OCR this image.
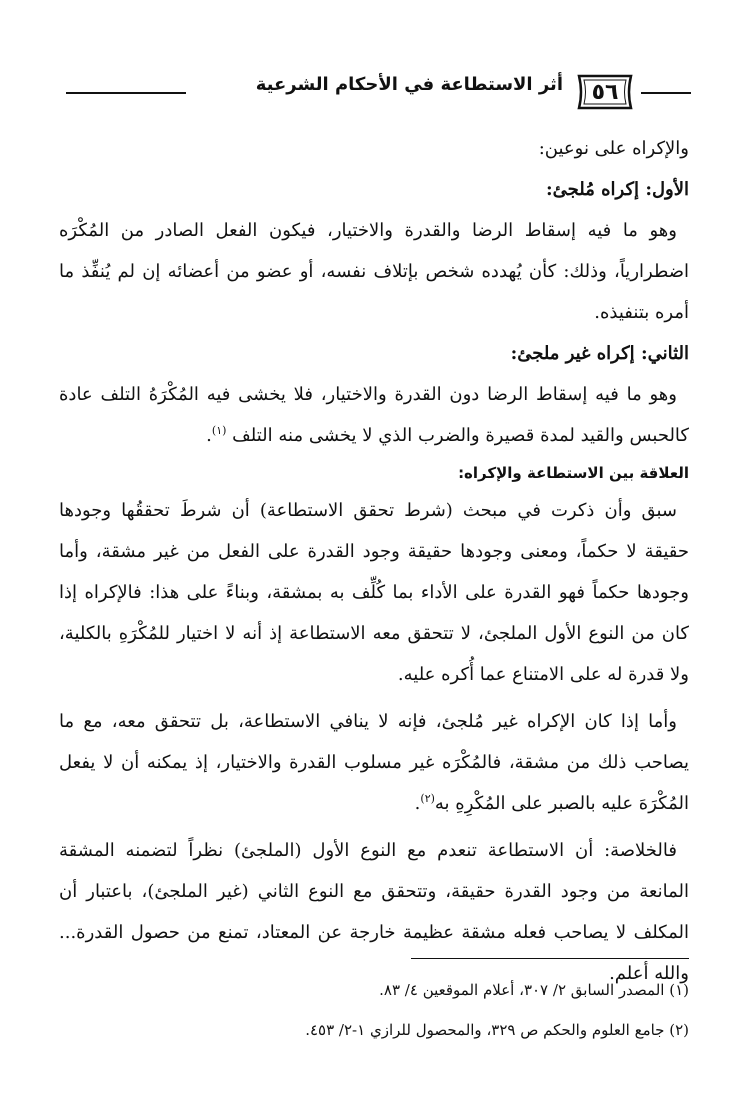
٥٦
أثر الاستطاعة في الأحكام الشرعية

والإكراه على نوعين:

الأول: إكراه مُلجئ:

وهو ما فيه إسقاط الرضا والقدرة والاختيار، فيكون الفعل الصادر من المُكْرَه اضطرارياً، وذلك: كأن يُهدده شخص بإتلاف نفسه، أو عضو من أعضائه إن لم يُنفِّذ ما أمره بتنفيذه.

الثاني: إكراه غير ملجئ:

وهو ما فيه إسقاط الرضا دون القدرة والاختيار، فلا يخشى فيه المُكْرَهُ التلف عادة كالحبس والقيد لمدة قصيرة والضرب الذي لا يخشى منه التلف $^{(١)}$.

العلاقة بين الاستطاعة والإكراه:

سبق وأن ذكرت في مبحث (شرط تحقق الاستطاعة) أن شرطَ تحققُها وجودها حقيقة لا حكماً، ومعنى وجودها حقيقة وجود القدرة على الفعل من غير مشقة، وأما وجودها حكماً فهو القدرة على الأداء بما كُلِّف به بمشقة، وبناءً على هذا: فالإكراه إذا كان من النوع الأول الملجئ، لا تتحقق معه الاستطاعة إذ أنه لا اختيار للمُكْرَهِ بالكلية، ولا قدرة له على الامتناع عما أُكره عليه.

وأما إذا كان الإكراه غير مُلجئ، فإنه لا ينافي الاستطاعة، بل تتحقق معه، مع ما يصاحب ذلك من مشقة، فالمُكْرَه غير مسلوب القدرة والاختيار، إذ يمكنه أن لا يفعل المُكْرَهَ عليه بالصبر على المُكْرِهِ به$^{(٢)}$.

فالخلاصة: أن الاستطاعة تنعدم مع النوع الأول (الملجئ) نظراً لتضمنه المشقة المانعة من وجود القدرة حقيقة، وتتحقق مع النوع الثاني (غير الملجئ)، باعتبار أن المكلف لا يصاحب فعله مشقة عظيمة خارجة عن المعتاد، تمنع من حصول القدرة... والله أعلم.

(١) المصدر السابق ٢/ ٣٠٧، أعلام الموقعين ٤/ ٨٣.

(٢) جامع العلوم والحكم ص ٣٢٩، والمحصول للرازي ١-٢/ ٤٥٣.
